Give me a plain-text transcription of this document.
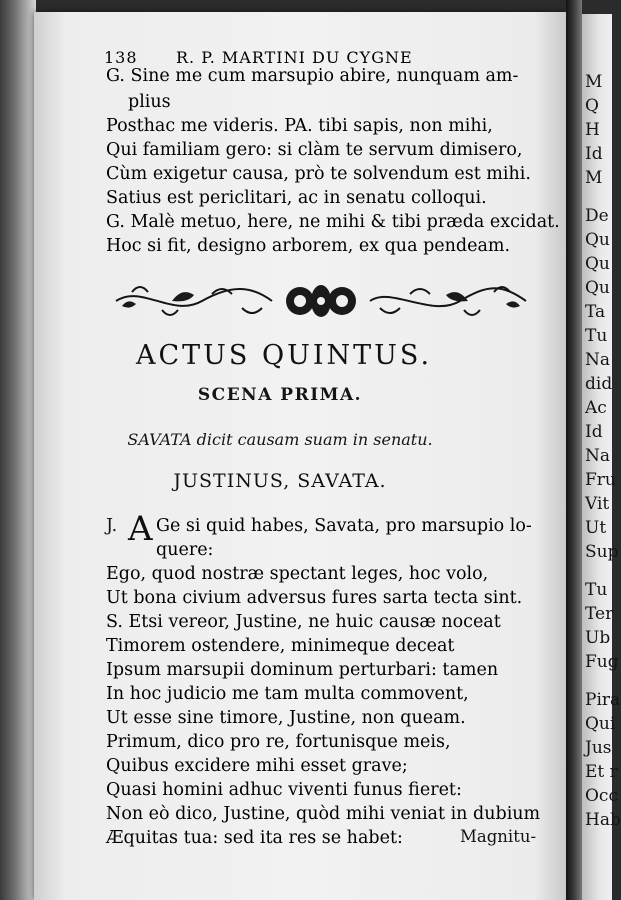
M
Q
H
Id
M
De
Qu
Qu
Qu
Ta
Tu
Na
did
Ac
Id
Na
Fru
Vit
Ut
Sup
Tu
Ter
Ub
Fug
Pira
Qui
Jus
Et r
Occ
Hab
138 R. P. MARTINI DU CYGNE
G. Sine me cum marsupio abire, nunquam am-
plius
Posthac me videris. PA. tibi sapis, non mihi,
Qui familiam gero: si clàm te servum dimisero,
Cùm exigetur causa, prò te solvendum est mihi.
Satius est periclitari, ac in senatu colloqui.
G. Malè metuo, here, ne mihi & tibi præda excidat.
Hoc si fit, designo arborem, ex qua pendeam.
ACTUS QUINTUS.
SCENA PRIMA.
SAVATA dicit causam suam in senatu.
JUSTINUS, SAVATA.
J. A Ge si quid habes, Savata, pro marsupio lo-
quere:
Ego, quod nostræ spectant leges, hoc volo,
Ut bona civium adversus fures sarta tecta sint.
S. Etsi vereor, Justine, ne huic causæ noceat
Timorem ostendere, minimeque deceat
Ipsum marsupii dominum perturbari: tamen
In hoc judicio me tam multa commovent,
Ut esse sine timore, Justine, non queam.
Primum, dico pro re, fortunisque meis,
Quibus excidere mihi esset grave;
Quasi homini adhuc viventi funus fieret:
Non eò dico, Justine, quòd mihi veniat in dubium
Æquitas tua: sed ita res se habet:	Magnitu-
